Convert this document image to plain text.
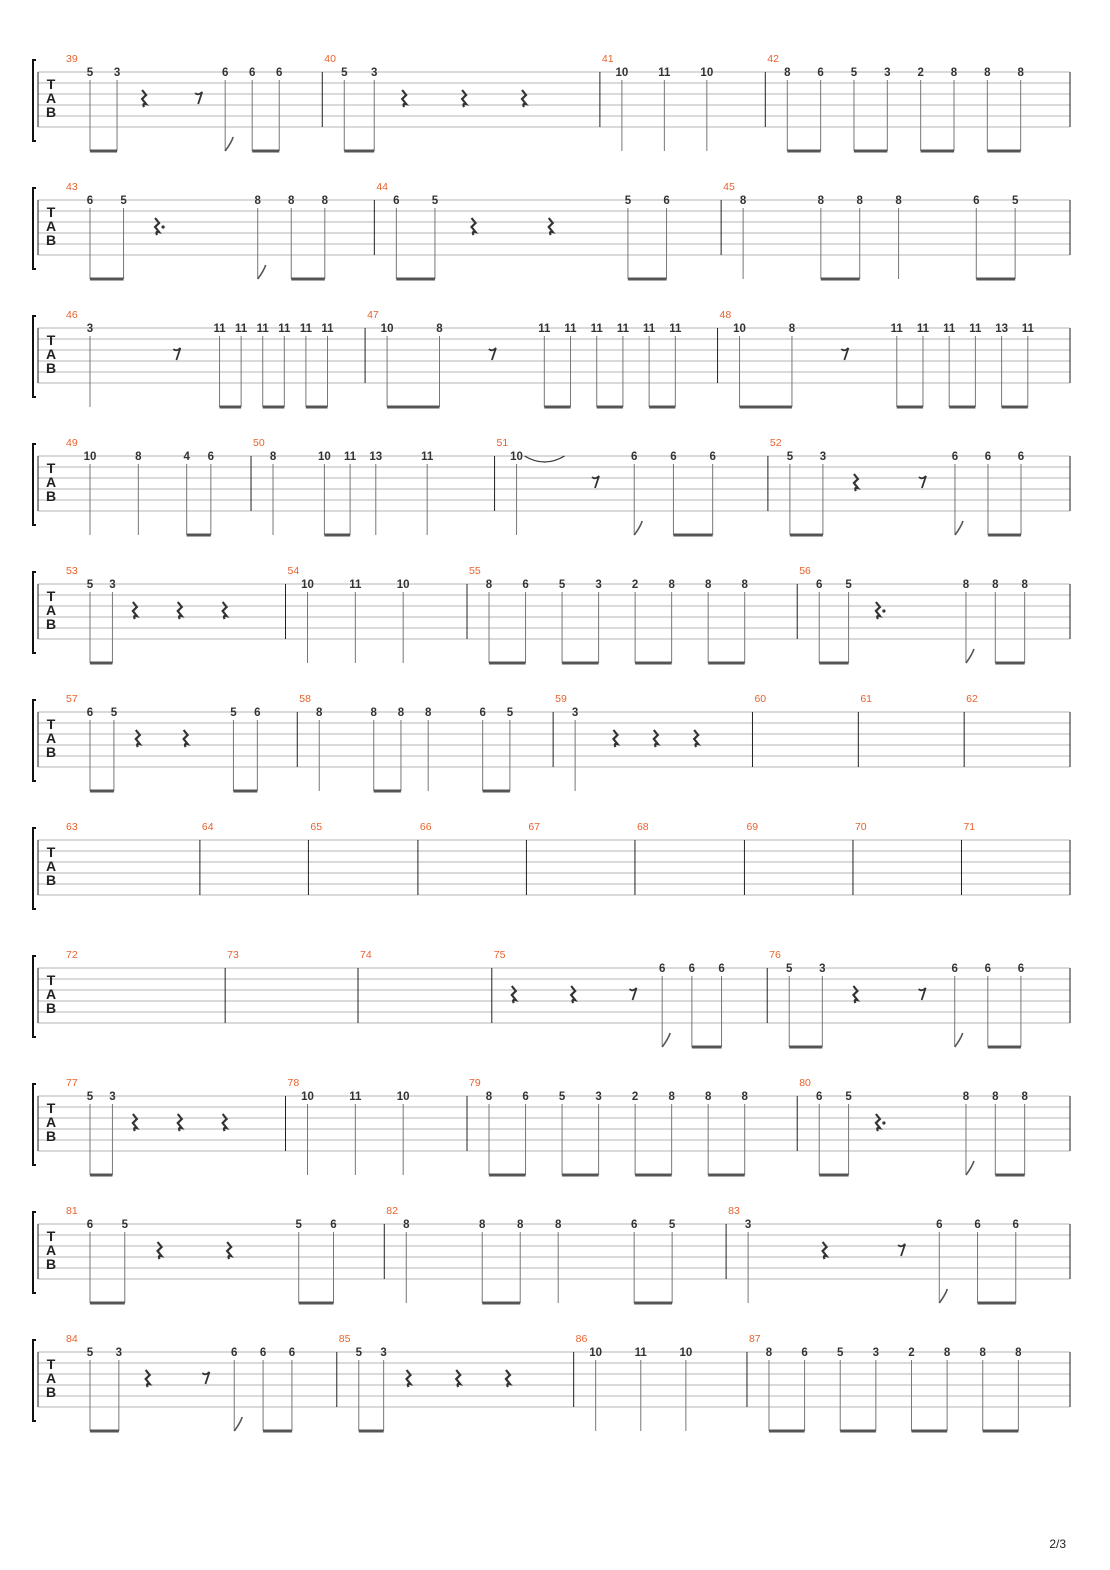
T
A
B
39
5 3	6 6 6
40
5 3
41
10	11	10
42
8 6 5 3 2 8 8 8
T
A
B
43
6 5	8 8 8
44
6	5	5	6
45
8	8	8	8	6	5
T
A
B
46
3	11 11 11 11 11 11
47
10	8	11 11 11 11 11 11
48
10	8	11 11 11 11 13 11
T
A
B
49
10	8	4 6
50
8	10 11 13	11
51
10	6	6	6
52
5 3	6 6 6
T
A
B
53
5 3
54
10	11	10
55
8	6	5	3	2	8	8	8
56
6 5	8 8 8
T
A
B
57
6 5	5 6
58
8	8 8 8	6 5
59
3
60	61	62
T
A
B
63	64	65	66	67	68	69	70	71
T
A
B
72	73	74	75
6 6 6
76
5 3	6 6 6
T
A
B
77
5 3
78
10	11	10
79
8	6	5	3	2	8	8	8
80
6 5	8 8 8
T
A
B
81
6 5	5 6
82
8	8	8	8	6	5
83
3	6	6	6
T
A
B
84
5 3	6 6 6
85
5 3
86
10	11	10
87
8	6	5	3	2	8	8	8
2/3
